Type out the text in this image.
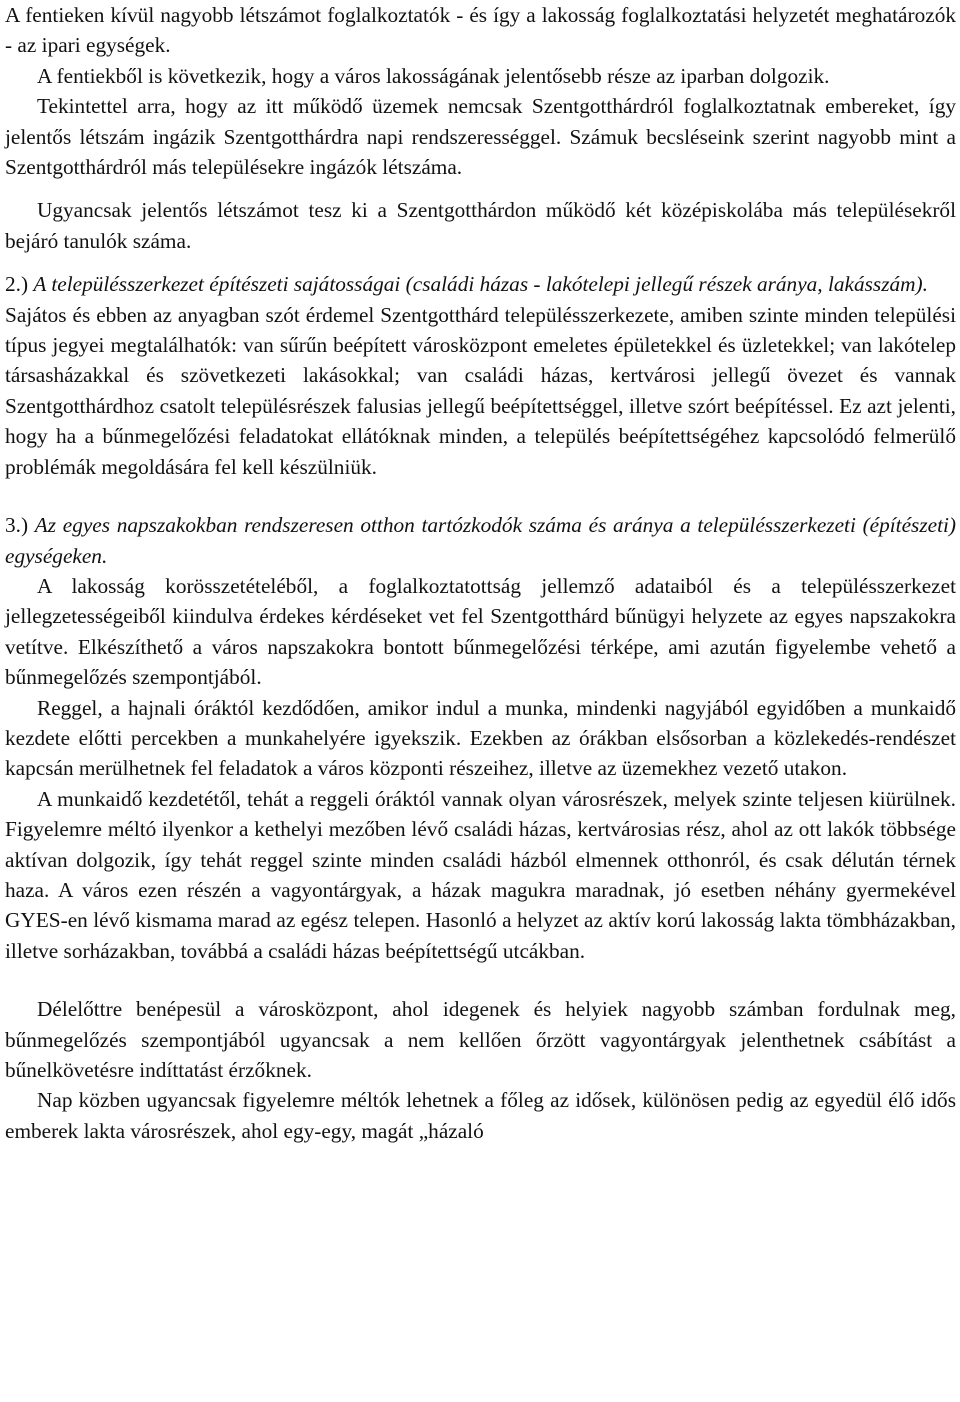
A fentieken kívül nagyobb létszámot foglalkoztatók - és így a lakosság foglalkoztatási helyzetét meghatározók - az ipari egységek.

A fentiekből is következik, hogy a város lakosságának jelentősebb része az iparban dolgozik.

Tekintettel arra, hogy az itt működő üzemek nemcsak Szentgotthárdról foglalkoztatnak embereket, így jelentős létszám ingázik Szentgotthárdra napi rendszerességgel. Számuk becsléseink szerint nagyobb mint a Szentgotthárdról más településekre ingázók létszáma.

Ugyancsak jelentős létszámot tesz ki a Szentgotthárdon működő két középiskolába más településekről bejáró tanulók száma.

2.) A településszerkezet építészeti sajátosságai (családi házas - lakótelepi jellegű részek aránya, lakásszám).

Sajátos és ebben az anyagban szót érdemel Szentgotthárd településszerkezete, amiben szinte minden települési típus jegyei megtalálhatók: van sűrűn beépített városközpont emeletes épületekkel és üzletekkel; van lakótelep társasházakkal és szövetkezeti lakásokkal; van családi házas, kertvárosi jellegű övezet és vannak Szentgotthárdhoz csatolt településrészek falusias jellegű beépítettséggel, illetve szórt beépítéssel. Ez azt jelenti, hogy ha a bűnmegelőzési feladatokat ellátóknak minden, a település beépítettségéhez kapcsolódó felmerülő problémák megoldására fel kell készülniük.

3.) Az egyes napszakokban rendszeresen otthon tartózkodók száma és aránya a településszerkezeti (építészeti) egységeken.

A lakosság korösszetételéből, a foglalkoztatottság jellemző adataiból és a településszerkezet jellegzetességeiből kiindulva érdekes kérdéseket vet fel Szentgotthárd bűnügyi helyzete az egyes napszakokra vetítve. Elkészíthető a város napszakokra bontott bűnmegelőzési térképe, ami azután figyelembe vehető a bűnmegelőzés szempontjából.

Reggel, a hajnali óráktól kezdődően, amikor indul a munka, mindenki nagyjából egyidőben a munkaidő kezdete előtti percekben a munkahelyére igyekszik. Ezekben az órákban elsősorban a közlekedés-rendészet kapcsán merülhetnek fel feladatok a város központi részeihez, illetve az üzemekhez vezető utakon.

A munkaidő kezdetétől, tehát a reggeli óráktól vannak olyan városrészek, melyek szinte teljesen kiürülnek. Figyelemre méltó ilyenkor a kethelyi mezőben lévő családi házas, kertvárosias rész, ahol az ott lakók többsége aktívan dolgozik, így tehát reggel szinte minden családi házból elmennek otthonról, és csak délután térnek haza. A város ezen részén a vagyontárgyak, a házak magukra maradnak, jó esetben néhány gyermekével GYES-en lévő kismama marad az egész telepen. Hasonló a helyzet az aktív korú lakosság lakta tömbházakban, illetve sorházakban, továbbá a családi házas beépítettségű utcákban.

Délelőttre benépesül a városközpont, ahol idegenek és helyiek nagyobb számban fordulnak meg, bűnmegelőzés szempontjából ugyancsak a nem kellően őrzött vagyontárgyak jelenthetnek csábítást a bűnelkövetésre indíttatást érzőknek.

Nap közben ugyancsak figyelemre méltók lehetnek a főleg az idősek, különösen pedig az egyedül élő idős emberek lakta városrészek, ahol egy-egy, magát „házaló
